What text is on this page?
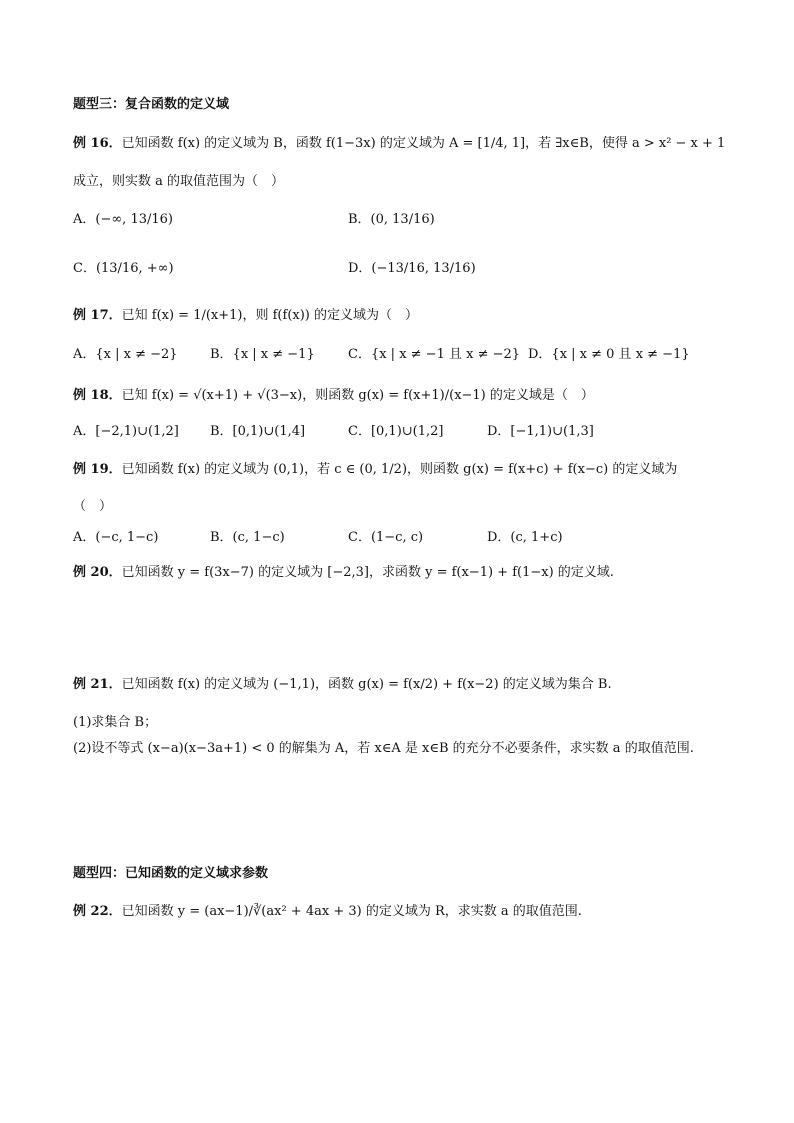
题型三：复合函数的定义域
例 16．已知函数 f(x) 的定义域为 B，函数 f(1−3x) 的定义域为 A = [1/4, 1]，若 ∃x∈B，使得 a > x² − x + 1
成立，则实数 a 的取值范围为（　）
A．(−∞, 13/16)	B．(0, 13/16)
C．(13/16, +∞)	D．(−13/16, 13/16)
例 17．已知 f(x) = 1/(x+1)，则 f(f(x)) 的定义域为（　）
A．{x | x ≠ −2} B．{x | x ≠ −1}	C．{x | x ≠ −1 且 x ≠ −2} D．{x | x ≠ 0 且 x ≠ −1}
例 18．已知 f(x) = √(x+1) + √(3−x)，则函数 g(x) = f(x+1)/(x−1) 的定义域是（　）
A．[−2,1)∪(1,2] B．[0,1)∪(1,4]	C．[0,1)∪(1,2]	D．[−1,1)∪(1,3]
例 19．已知函数 f(x) 的定义域为 (0,1)，若 c ∈ (0, 1/2)，则函数 g(x) = f(x+c) + f(x−c) 的定义域为
（　）
A．(−c, 1−c)	B．(c, 1−c)	C．(1−c, c)	D．(c, 1+c)
例 20．已知函数 y = f(3x−7) 的定义域为 [−2,3]，求函数 y = f(x−1) + f(1−x) 的定义域.
例 21．已知函数 f(x) 的定义域为 (−1,1)，函数 g(x) = f(x/2) + f(x−2) 的定义域为集合 B.
(1)求集合 B；
(2)设不等式 (x−a)(x−3a+1) < 0 的解集为 A，若 x∈A 是 x∈B 的充分不必要条件，求实数 a 的取值范围.
题型四：已知函数的定义域求参数
例 22．已知函数 y = (ax−1)/∛(ax² + 4ax + 3) 的定义域为 R，求实数 a 的取值范围.
